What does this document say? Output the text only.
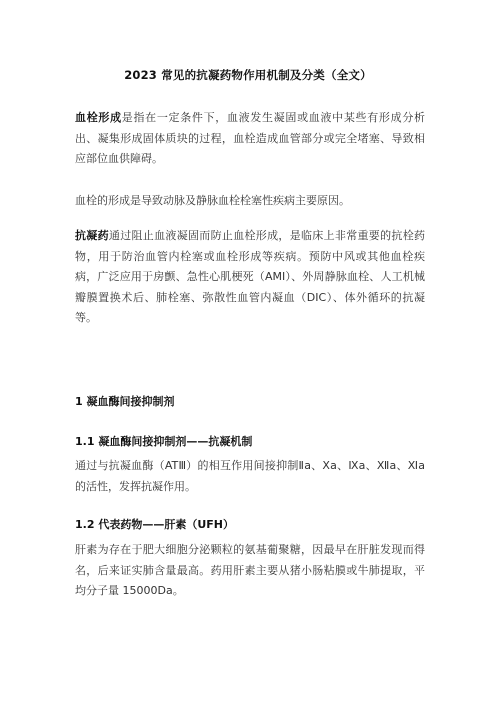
2023 常见的抗凝药物作用机制及分类（全文）

血栓形成是指在一定条件下，血液发生凝固或血液中某些有形成分析出、凝集形成固体质块的过程，血栓造成血管部分或完全堵塞、导致相应部位血供障碍。

血栓的形成是导致动脉及静脉血栓栓塞性疾病主要原因。

抗凝药通过阻止血液凝固而防止血栓形成，是临床上非常重要的抗栓药物，用于防治血管内栓塞或血栓形成等疾病。预防中风或其他血栓疾病，广泛应用于房颤、急性心肌梗死（AMI）、外周静脉血栓、人工机械瓣膜置换术后、肺栓塞、弥散性血管内凝血（DIC）、体外循环的抗凝等。

1 凝血酶间接抑制剂
1.1 凝血酶间接抑制剂——抗凝机制

通过与抗凝血酶（ATⅢ）的相互作用间接抑制Ⅱa、Ⅹa、Ⅸa、Ⅻa、Ⅺa 的活性，发挥抗凝作用。

1.2 代表药物——肝素（UFH）

肝素为存在于肥大细胞分泌颗粒的氨基葡聚糖，因最早在肝脏发现而得名，后来证实肺含量最高。药用肝素主要从猪小肠粘膜或牛肺提取，平均分子量 15000Da。
